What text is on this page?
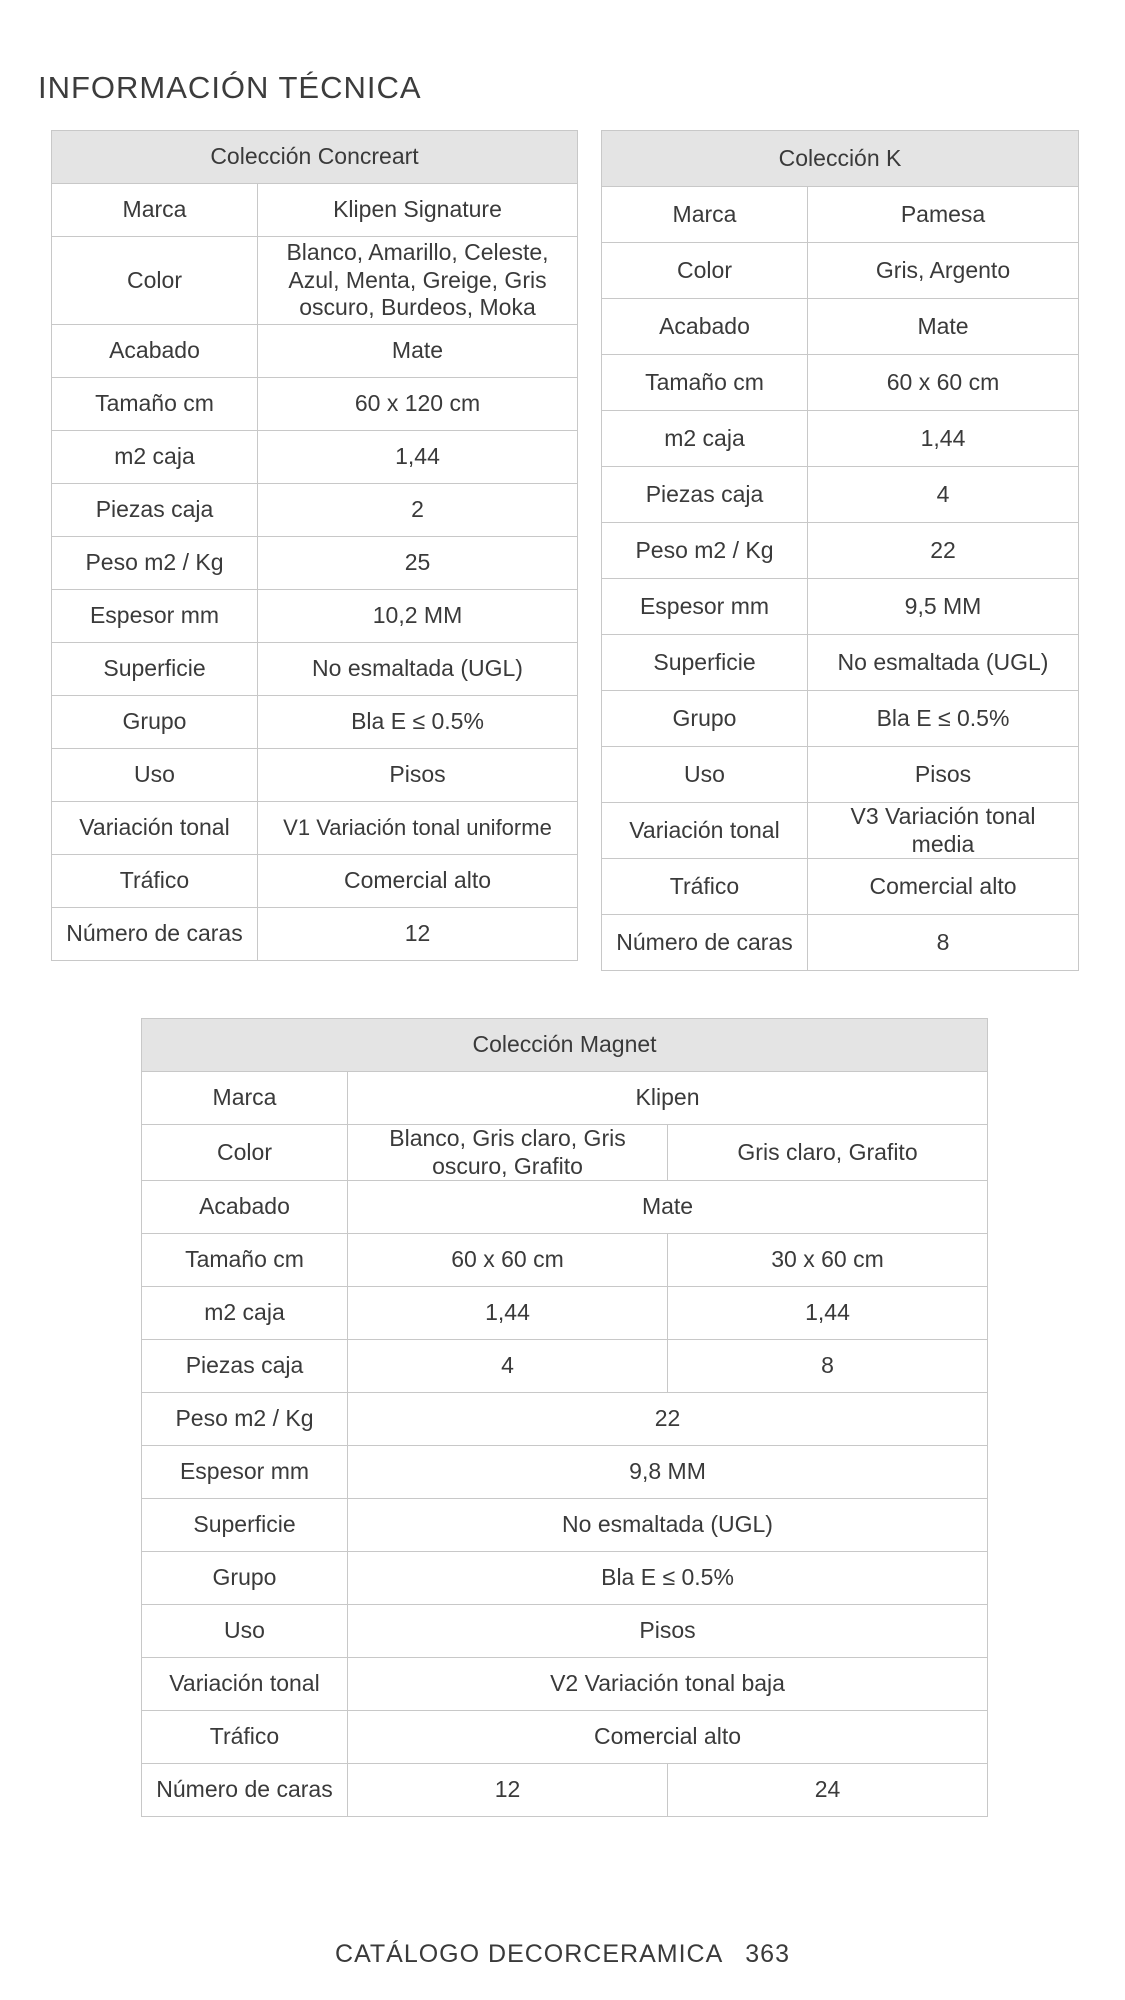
INFORMACIÓN TÉCNICA
Colección Concreart	
Marca	Klipen Signature
Color	Blanco, Amarillo, Celeste, Azul, Menta, Greige, Gris oscuro, Burdeos, Moka
Acabado	Mate
Tamaño cm	60 x 120 cm
m2 caja	1,44
Piezas caja	2
Peso m2 / Kg	25
Espesor mm	10,2 MM
Superficie	No esmaltada (UGL)
Grupo	Bla E ≤ 0.5%
Uso	Pisos
Variación tonal	V1 Variación tonal uniforme
Tráfico	Comercial alto
Número de caras	12
Colección K	
Marca	Pamesa
Color	Gris, Argento
Acabado	Mate
Tamaño cm	60 x 60 cm
m2 caja	1,44
Piezas caja	4
Peso m2 / Kg	22
Espesor mm	9,5 MM
Superficie	No esmaltada (UGL)
Grupo	Bla E ≤ 0.5%
Uso	Pisos
Variación tonal	V3 Variación tonal media
Tráfico	Comercial alto
Número de caras	8
Colección Magnet		
Marca	Klipen	
Color	Blanco, Gris claro, Gris oscuro, Grafito	Gris claro, Grafito
Acabado	Mate	
Tamaño cm	60 x 60 cm	30 x 60 cm
m2 caja	1,44	1,44
Piezas caja	4	8
Peso m2 / Kg	22	
Espesor mm	9,8 MM	
Superficie	No esmaltada (UGL)	
Grupo	Bla E ≤ 0.5%	
Uso	Pisos	
Variación tonal	V2 Variación tonal baja	
Tráfico	Comercial alto	
Número de caras	12	24
CATÁLOGO DECORCERAMICA 363
